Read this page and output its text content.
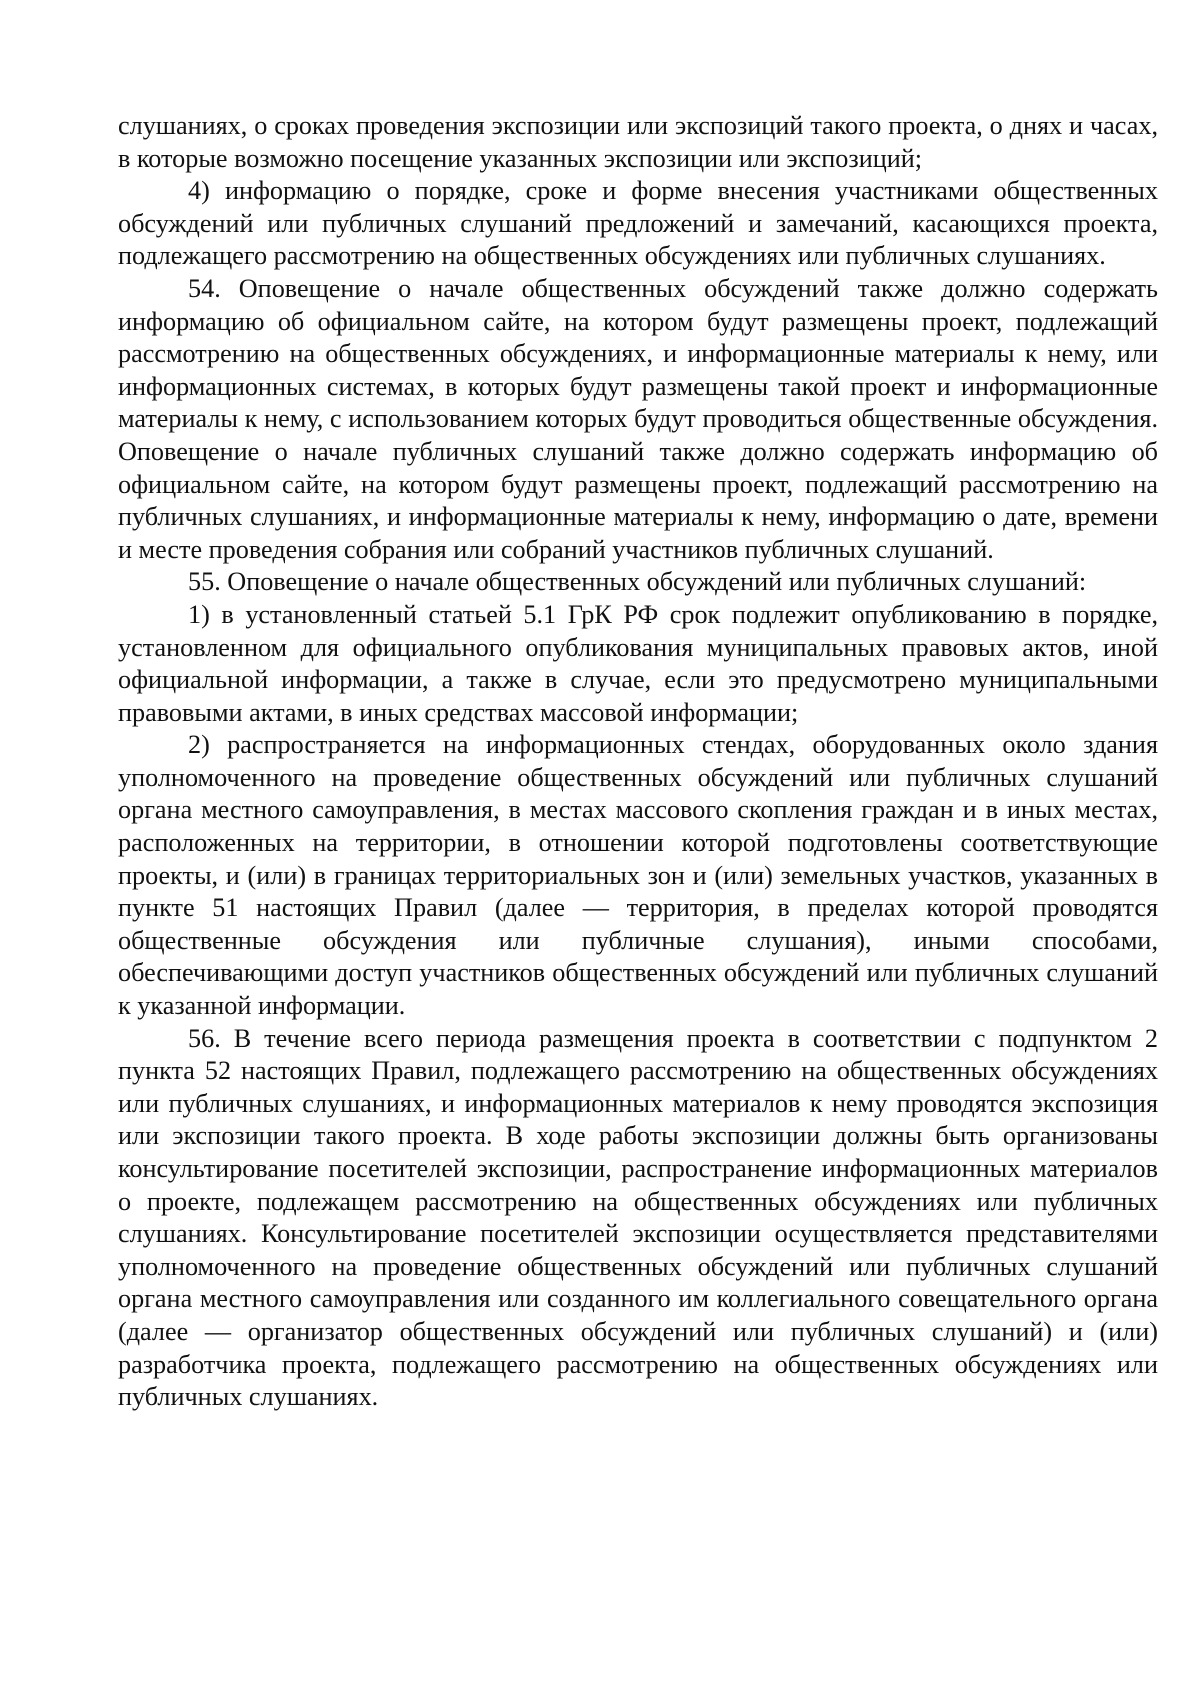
слушаниях, о сроках проведения экспозиции или экспозиций такого проекта, о днях и часах, в которые возможно посещение указанных экспозиции или экспозиций;

4) информацию о порядке, сроке и форме внесения участниками общественных обсуждений или публичных слушаний предложений и замечаний, касающихся проекта, подлежащего рассмотрению на общественных обсуждениях или публичных слушаниях.

54. Оповещение о начале общественных обсуждений также должно содержать информацию об официальном сайте, на котором будут размещены проект, подлежащий рассмотрению на общественных обсуждениях, и информационные материалы к нему, или информационных системах, в которых будут размещены такой проект и информационные материалы к нему, с использованием которых будут проводиться общественные обсуждения. Оповещение о начале публичных слушаний также должно содержать информацию об официальном сайте, на котором будут размещены проект, подлежащий рассмотрению на публичных слушаниях, и информационные материалы к нему, информацию о дате, времени и месте проведения собрания или собраний участников публичных слушаний.

55. Оповещение о начале общественных обсуждений или публичных слушаний:

1) в установленный статьей 5.1 ГрК РФ срок подлежит опубликованию в порядке, установленном для официального опубликования муниципальных правовых актов, иной официальной информации, а также в случае, если это предусмотрено муниципальными правовыми актами, в иных средствах массовой информации;

2) распространяется на информационных стендах, оборудованных около здания уполномоченного на проведение общественных обсуждений или публичных слушаний органа местного самоуправления, в местах массового скопления граждан и в иных местах, расположенных на территории, в отношении которой подготовлены соответствующие проекты, и (или) в границах территориальных зон и (или) земельных участков, указанных в пункте 51 настоящих Правил (далее — территория, в пределах которой проводятся общественные обсуждения или публичные слушания), иными способами, обеспечивающими доступ участников общественных обсуждений или публичных слушаний к указанной информации.

56. В течение всего периода размещения проекта в соответствии с подпунктом 2 пункта 52 настоящих Правил, подлежащего рассмотрению на общественных обсуждениях или публичных слушаниях, и информационных материалов к нему проводятся экспозиция или экспозиции такого проекта. В ходе работы экспозиции должны быть организованы консультирование посетителей экспозиции, распространение информационных материалов о проекте, подлежащем рассмотрению на общественных обсуждениях или публичных слушаниях. Консультирование посетителей экспозиции осуществляется представителями уполномоченного на проведение общественных обсуждений или публичных слушаний органа местного самоуправления или созданного им коллегиального совещательного органа (далее — организатор общественных обсуждений или публичных слушаний) и (или) разработчика проекта, подлежащего рассмотрению на общественных обсуждениях или публичных слушаниях.
